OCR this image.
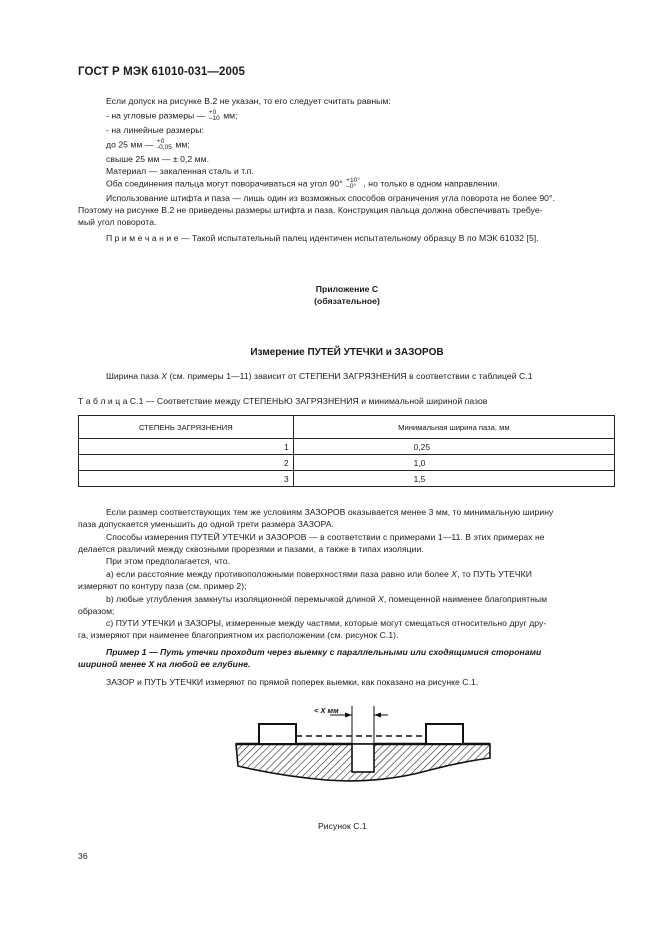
ГОСТ Р МЭК 61010-031—2005
Если допуск на рисунке B.2 не указан, то его следует считать равным:
- на угловые размеры — +0
–10 мм;
- на линейные размеры:
до 25 мм — +0
-0,05 мм;
свыше 25 мм — ± 0,2 мм.
Материал — закаленная сталь и т.п.
Оба соединения пальца могут поворачиваться на угол 90° +10°
–0° , но только в одном направлении.
Использование штифта и паза — лишь один из возможных способов ограничения угла поворота не более 90°.
Поэтому на рисунке B.2 не приведены размеры штифта и паза. Конструкция пальца должна обеспечивать требуе-
мый угол поворота.
П р и м е ч а н и е — Такой испытательный палец идентичен испытательному образцу B по МЭК 61032 [5].
Приложение С
(обязательное)
Измерение ПУТЕЙ УТЕЧКИ и ЗАЗОРОВ
Ширина паза X (см. примеры 1—11) зависит от СТЕПЕНИ ЗАГРЯЗНЕНИЯ в соответствии с таблицей С.1
Т а б л и ц а С.1 — Соответствие между СТЕПЕНЬЮ ЗАГРЯЗНЕНИЯ и минимальной шириной пазов
СТЕПЕНЬ ЗАГРЯЗНЕНИЯ	Минимальная ширина паза, мм
1	0,25
2	1,0
3	1,5
Если размер соответствующих тем же условиям ЗАЗОРОВ оказывается менее 3 мм, то минимальную ширину
паза допускается уменьшить до одной трети размера ЗАЗОРА.
Способы измерения ПУТЕЙ УТЕЧКИ и ЗАЗОРОВ — в соответствии с примерами 1—11. В этих примерах не
делается различий между сквозными прорезями и пазами, а также в типах изоляции.
При этом предполагается, что.
а) если расстояние между противоположными поверхностями паза равно или более X, то ПУТЬ УТЕЧКИ
измеряют по контуру паза (см. пример 2);
b) любые углубления замкнуты изоляционной перемычкой длиной X, помещенной наименее благоприятным
образом;
с) ПУТИ УТЕЧКИ и ЗАЗОРЫ, измеренные между частями, которые могут смещаться относительно друг дру-
га, измеряют при наименее благоприятном их расположении (см. рисунок С.1).
Пример 1 — Путь утечки проходит через выемку с параллельными или сходящимися сторонами
шириной менее X на любой ее глубине.
ЗАЗОР и ПУТЬ УТЕЧКИ измеряют по прямой поперек выемки, как показано на рисунке С.1.
< X мм
Рисунок С.1
36
